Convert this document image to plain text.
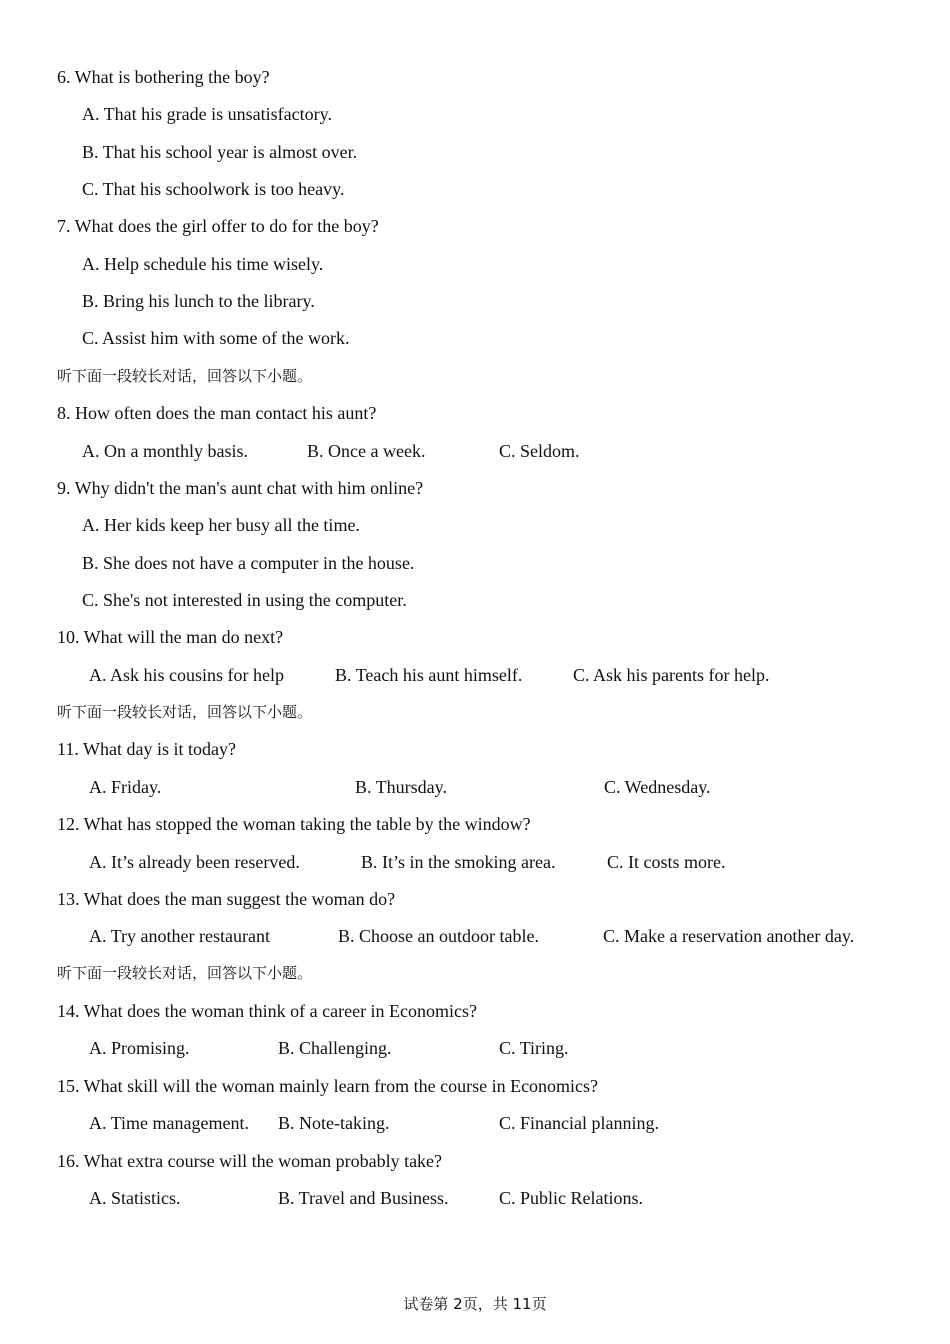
6. What is bothering the boy?
A. That his grade is unsatisfactory.
B. That his school year is almost over.
C. That his schoolwork is too heavy.
7. What does the girl offer to do for the boy?
A. Help schedule his time wisely.
B. Bring his lunch to the library.
C. Assist him with some of the work.
听下面一段较长对话，回答以下小题。
8. How often does the man contact his aunt?
A. On a monthly basis.	B. Once a week.	C. Seldom.
9. Why didn't the man's aunt chat with him online?
A. Her kids keep her busy all the time.
B. She does not have a computer in the house.
C. She's not interested in using the computer.
10. What will the man do next?
A. Ask his cousins for help	B. Teach his aunt himself.	C. Ask his parents for help.
听下面一段较长对话，回答以下小题。
11. What day is it today?
A. Friday.	B. Thursday.	C. Wednesday.
12. What has stopped the woman taking the table by the window?
A. It’s already been reserved.	B. It’s in the smoking area.	C. It costs more.
13. What does the man suggest the woman do?
A. Try another restaurant	B. Choose an outdoor table.	C. Make a reservation another day.
听下面一段较长对话，回答以下小题。
14. What does the woman think of a career in Economics?
A. Promising.	B. Challenging.	C. Tiring.
15. What skill will the woman mainly learn from the course in Economics?
A. Time management. B. Note-taking.	C. Financial planning.
16. What extra course will the woman probably take?
A. Statistics.	B. Travel and Business.	C. Public Relations.
试卷第 2页，共 11页
